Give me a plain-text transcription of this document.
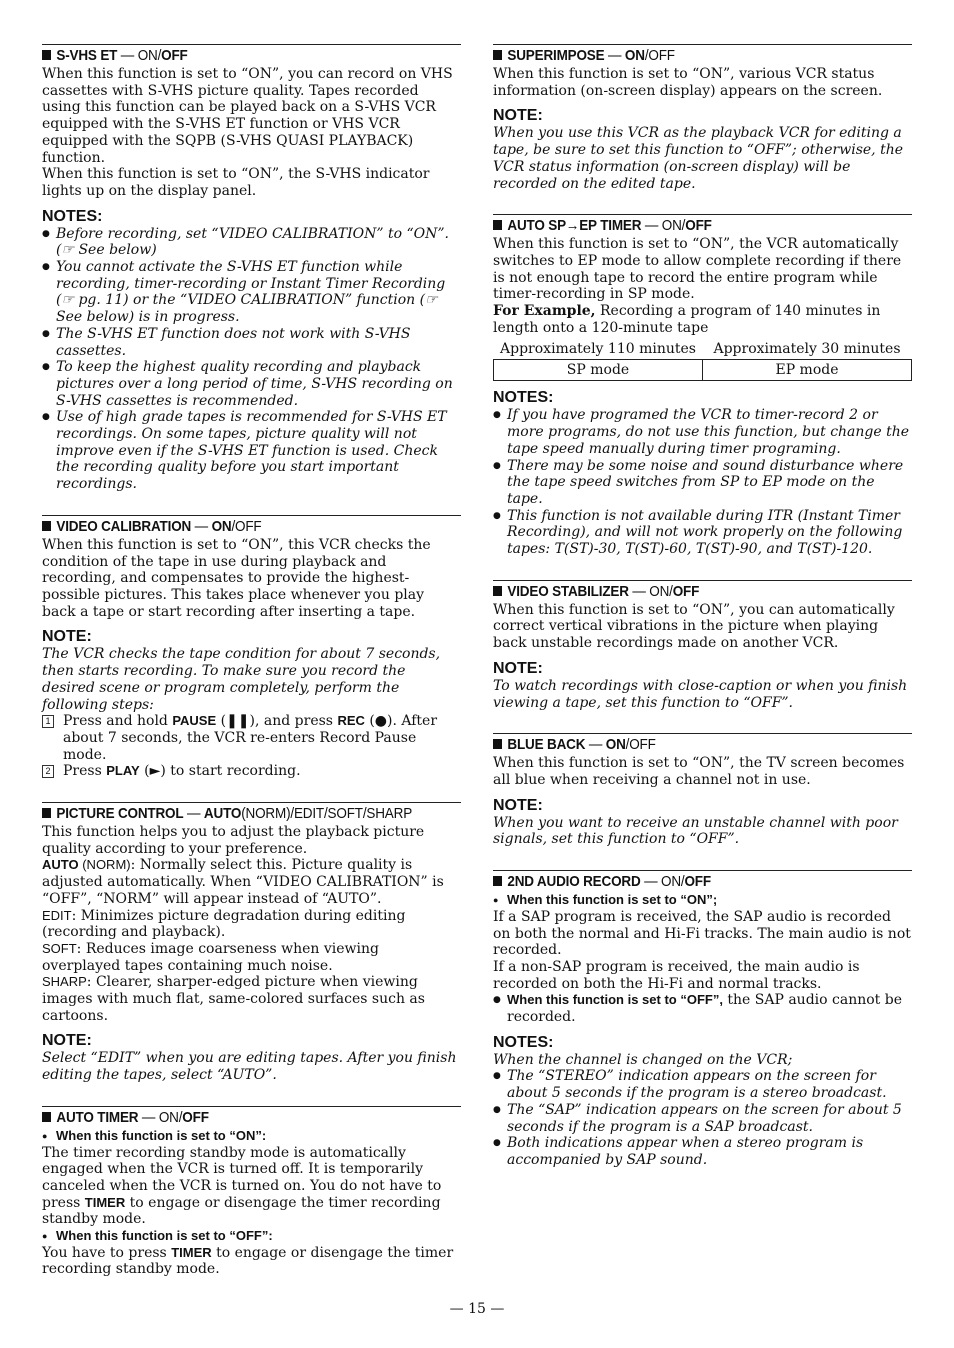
S-VHS ET — ON/OFF

When this function is set to “ON”, you can record on VHS cassettes with S-VHS picture quality. Tapes recorded using this function can be played back on a S-VHS VCR equipped with the S-VHS ET function or VHS VCR equipped with the SQPB (S-VHS QUASI PLAYBACK) function.

When this function is set to “ON”, the S-VHS indicator lights up on the display panel.

NOTES:
● Before recording, set “VIDEO CALIBRATION” to “ON”. (☞ See below)
● You cannot activate the S-VHS ET function while recording, timer-recording or Instant Timer Recording (☞ pg. 11) or the “VIDEO CALIBRATION” function (☞ See below) is in progress.
● The S-VHS ET function does not work with S-VHS cassettes.
● To keep the highest quality recording and playback pictures over a long period of time, S-VHS recording on S-VHS cassettes is recommended.
● Use of high grade tapes is recommended for S-VHS ET recordings. On some tapes, picture quality will not improve even if the S-VHS ET function is used. Check the recording quality before you start important recordings.
VIDEO CALIBRATION — ON/OFF

When this function is set to “ON”, this VCR checks the condition of the tape in use during playback and recording, and compensates to provide the highest-possible pictures. This takes place whenever you play back a tape or start recording after inserting a tape.

NOTE:

The VCR checks the tape condition for about 7 seconds, then starts recording. To make sure you record the desired scene or program completely, perform the following steps:

1 Press and hold PAUSE (❚❚), and press REC (●). After about 7 seconds, the VCR re-enters Record Pause mode.
2 Press PLAY (►) to start recording.
PICTURE CONTROL — AUTO(NORM)/EDIT/SOFT/SHARP

This function helps you to adjust the playback picture quality according to your preference.

AUTO (NORM): Normally select this. Picture quality is adjusted automatically. When “VIDEO CALIBRATION” is “OFF”, “NORM” will appear instead of “AUTO”.

EDIT: Minimizes picture degradation during editing (recording and playback).

SOFT: Reduces image coarseness when viewing overplayed tapes containing much noise.

SHARP: Clearer, sharper-edged picture when viewing images with much flat, same-colored surfaces such as cartoons.

NOTE:

Select “EDIT” when you are editing tapes. After you finish editing the tapes, select “AUTO”.

AUTO TIMER — ON/OFF
● When this function is set to “ON”:

The timer recording standby mode is automatically engaged when the VCR is turned off. It is temporarily canceled when the VCR is turned on. You do not have to press TIMER to engage or disengage the timer recording standby mode.

● When this function is set to “OFF”:

You have to press TIMER to engage or disengage the timer recording standby mode.

SUPERIMPOSE — ON/OFF

When this function is set to “ON”, various VCR status information (on-screen display) appears on the screen.

NOTE:

When you use this VCR as the playback VCR for editing a tape, be sure to set this function to “OFF”; otherwise, the VCR status information (on-screen display) will be recorded on the edited tape.

AUTO SP→EP TIMER — ON/OFF

When this function is set to “ON”, the VCR automatically switches to EP mode to allow complete recording if there is not enough tape to record the entire program while timer-recording in SP mode.

For Example, Recording a program of 140 minutes in length onto a 120-minute tape

Approximately 110 minutes	Approximately 30 minutes
SP mode	EP mode
NOTES:
● If you have programed the VCR to timer-record 2 or more programs, do not use this function, but change the tape speed manually during timer programing.
● There may be some noise and sound disturbance where the tape speed switches from SP to EP mode on the tape.
● This function is not available during ITR (Instant Timer Recording), and will not work properly on the following tapes: T(ST)-30, T(ST)-60, T(ST)-90, and T(ST)-120.
VIDEO STABILIZER — ON/OFF

When this function is set to “ON”, you can automatically correct vertical vibrations in the picture when playing back unstable recordings made on another VCR.

NOTE:

To watch recordings with close-caption or when you finish viewing a tape, set this function to “OFF”.

BLUE BACK — ON/OFF

When this function is set to “ON”, the TV screen becomes all blue when receiving a channel not in use.

NOTE:

When you want to receive an unstable channel with poor signals, set this function to “OFF”.

2ND AUDIO RECORD — ON/OFF
● When this function is set to “ON”;

If a SAP program is received, the SAP audio is recorded on both the normal and Hi-Fi tracks. The main audio is not recorded.

If a non-SAP program is received, the main audio is recorded on both the Hi-Fi and normal tracks.

● When this function is set to “OFF”, the SAP audio cannot be recorded.
NOTES:

When the channel is changed on the VCR;

● The “STEREO” indication appears on the screen for about 5 seconds if the program is a stereo broadcast.
● The “SAP” indication appears on the screen for about 5 seconds if the program is a SAP broadcast.
● Both indications appear when a stereo program is accompanied by SAP sound.
— 15 —
